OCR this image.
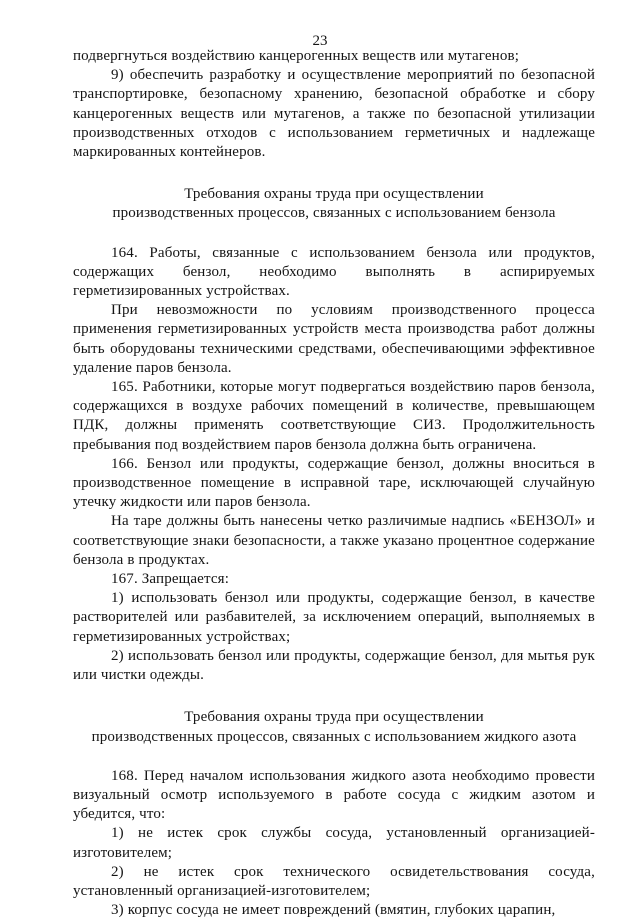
23

подвергнуться воздействию канцерогенных веществ или мутагенов;

9) обеспечить разработку и осуществление мероприятий по безопасной транспортировке, безопасному хранению, безопасной обработке и сбору канцерогенных веществ или мутагенов, а также по безопасной утилизации производственных отходов с использованием герметичных и надлежаще маркированных контейнеров.

Требования охраны труда при осуществлении

производственных процессов, связанных с использованием бензола

164. Работы, связанные с использованием бензола или продуктов, содержащих бензол, необходимо выполнять в аспирируемых герметизированных устройствах.

При невозможности по условиям производственного процесса применения герметизированных устройств места производства работ должны быть оборудованы техническими средствами, обеспечивающими эффективное удаление паров бензола.

165. Работники, которые могут подвергаться воздействию паров бензола, содержащихся в воздухе рабочих помещений в количестве, превышающем ПДК, должны применять соответствующие СИЗ. Продолжительность пребывания под воздействием паров бензола должна быть ограничена.

166. Бензол или продукты, содержащие бензол, должны вноситься в производственное помещение в исправной таре, исключающей случайную утечку жидкости или паров бензола.

На таре должны быть нанесены четко различимые надпись «БЕНЗОЛ» и соответствующие знаки безопасности, а также указано процентное содержание бензола в продуктах.

167. Запрещается:

1) использовать бензол или продукты, содержащие бензол, в качестве растворителей или разбавителей, за исключением операций, выполняемых в герметизированных устройствах;

2) использовать бензол или продукты, содержащие бензол, для мытья рук или чистки одежды.

Требования охраны труда при осуществлении

производственных процессов, связанных с использованием жидкого азота

168. Перед началом использования жидкого азота необходимо провести визуальный осмотр используемого в работе сосуда с жидким азотом и убедится, что:

1) не истек срок службы сосуда, установленный организацией-изготовителем;

2) не истек срок технического освидетельствования сосуда, установленный организацией-изготовителем;

3) корпус сосуда не имеет повреждений (вмятин, глубоких царапин,
